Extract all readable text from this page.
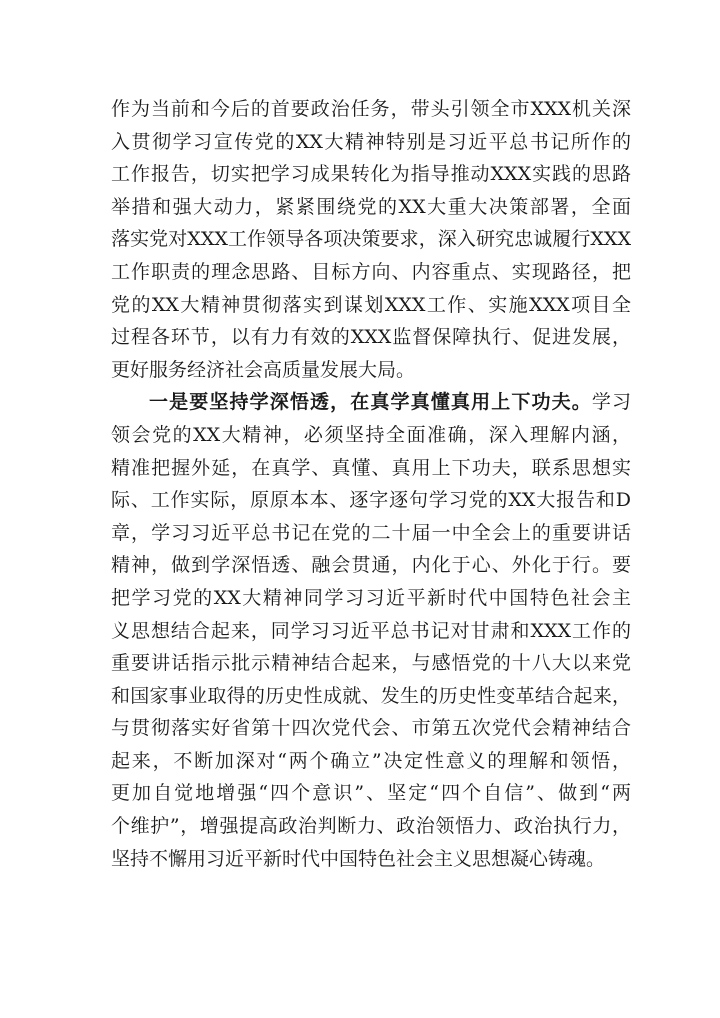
作为当前和今后的首要政治任务，带头引领全市XXX机关深
入贯彻学习宣传党的XX大精神特别是习近平总书记所作的
工作报告，切实把学习成果转化为指导推动XXX实践的思路
举措和强大动力，紧紧围绕党的XX大重大决策部署，全面
落实党对XXX工作领导各项决策要求，深入研究忠诚履行XXX
工作职责的理念思路、目标方向、内容重点、实现路径，把
党的XX大精神贯彻落实到谋划XXX工作、实施XXX项目全
过程各环节，以有力有效的XXX监督保障执行、促进发展，
更好服务经济社会高质量发展大局。
一是要坚持学深悟透，在真学真懂真用上下功夫。学习
领会党的XX大精神，必须坚持全面准确，深入理解内涵，
精准把握外延，在真学、真懂、真用上下功夫，联系思想实
际、工作实际，原原本本、逐字逐句学习党的XX大报告和D
章，学习习近平总书记在党的二十届一中全会上的重要讲话
精神，做到学深悟透、融会贯通，内化于心、外化于行。要
把学习党的XX大精神同学习习近平新时代中国特色社会主
义思想结合起来，同学习习近平总书记对甘肃和XXX工作的
重要讲话指示批示精神结合起来，与感悟党的十八大以来党
和国家事业取得的历史性成就、发生的历史性变革结合起来，
与贯彻落实好省第十四次党代会、市第五次党代会精神结合
起来，不断加深对“两个确立”决定性意义的理解和领悟，
更加自觉地增强“四个意识”、坚定“四个自信”、做到“两
个维护”，增强提高政治判断力、政治领悟力、政治执行力，
坚持不懈用习近平新时代中国特色社会主义思想凝心铸魂。
